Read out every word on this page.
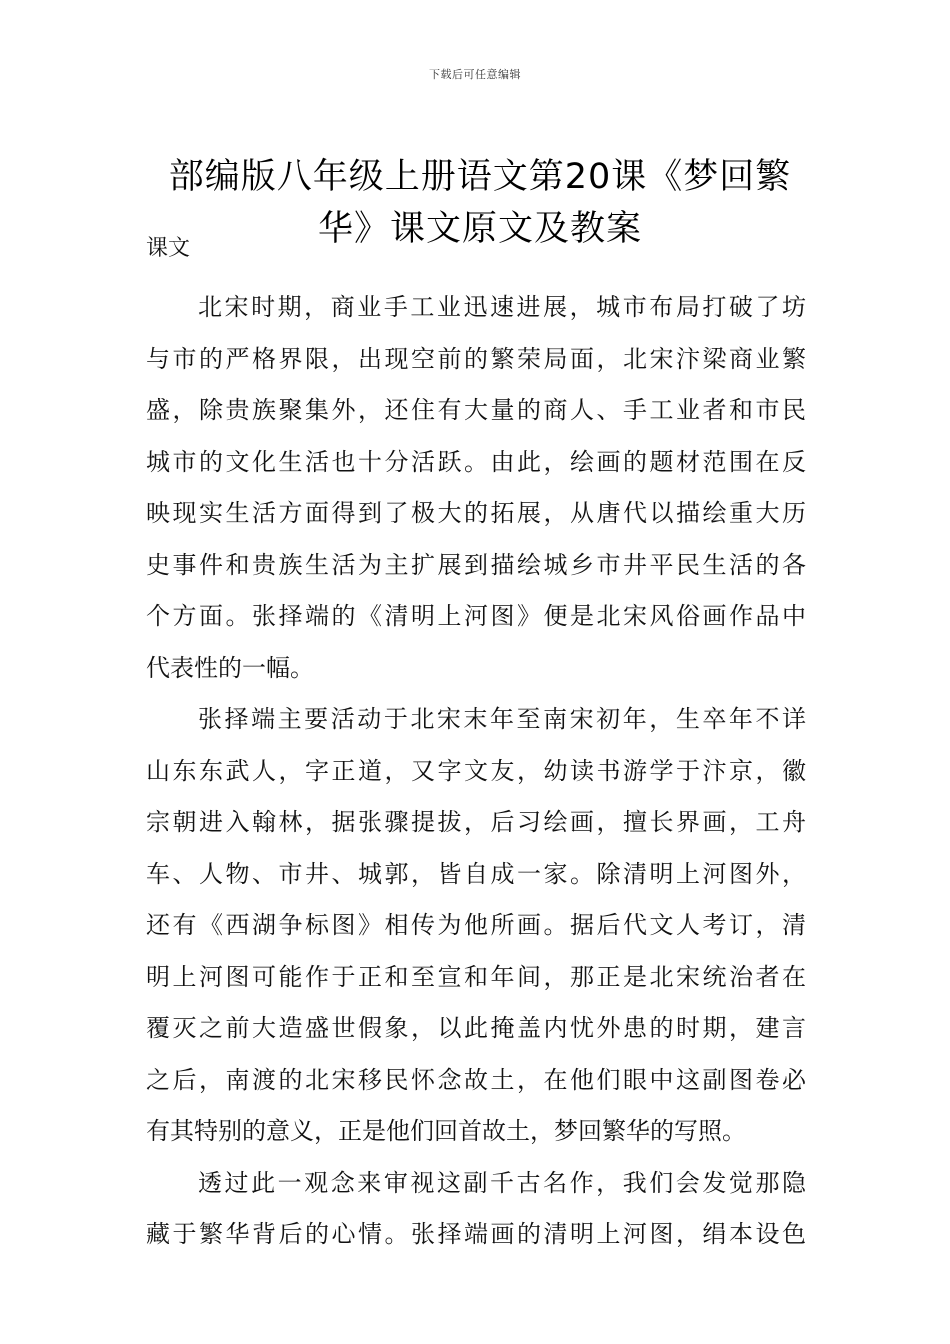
下载后可任意编辑
部编版八年级上册语文第20课《梦回繁
华》课文原文及教案
课文
北宋时期，商业手工业迅速进展，城市布局打破了坊
与市的严格界限，出现空前的繁荣局面，北宋汴梁商业繁
盛，除贵族聚集外，还住有大量的商人、手工业者和市民
城市的文化生活也十分活跃。由此，绘画的题材范围在反
映现实生活方面得到了极大的拓展，从唐代以描绘重大历
史事件和贵族生活为主扩展到描绘城乡市井平民生活的各
个方面。张择端的《清明上河图》便是北宋风俗画作品中
代表性的一幅。
张择端主要活动于北宋末年至南宋初年，生卒年不详
山东东武人，字正道，又字文友，幼读书游学于汴京，徽
宗朝进入翰林，据张骤提拔，后习绘画，擅长界画，工舟
车、人物、市井、城郭，皆自成一家。除清明上河图外，
还有《西湖争标图》相传为他所画。据后代文人考订，清
明上河图可能作于正和至宣和年间，那正是北宋统治者在
覆灭之前大造盛世假象，以此掩盖内忧外患的时期，建言
之后，南渡的北宋移民怀念故土，在他们眼中这副图卷必
有其特别的意义，正是他们回首故土，梦回繁华的写照。
透过此一观念来审视这副千古名作，我们会发觉那隐
藏于繁华背后的心情。张择端画的清明上河图，绢本设色
